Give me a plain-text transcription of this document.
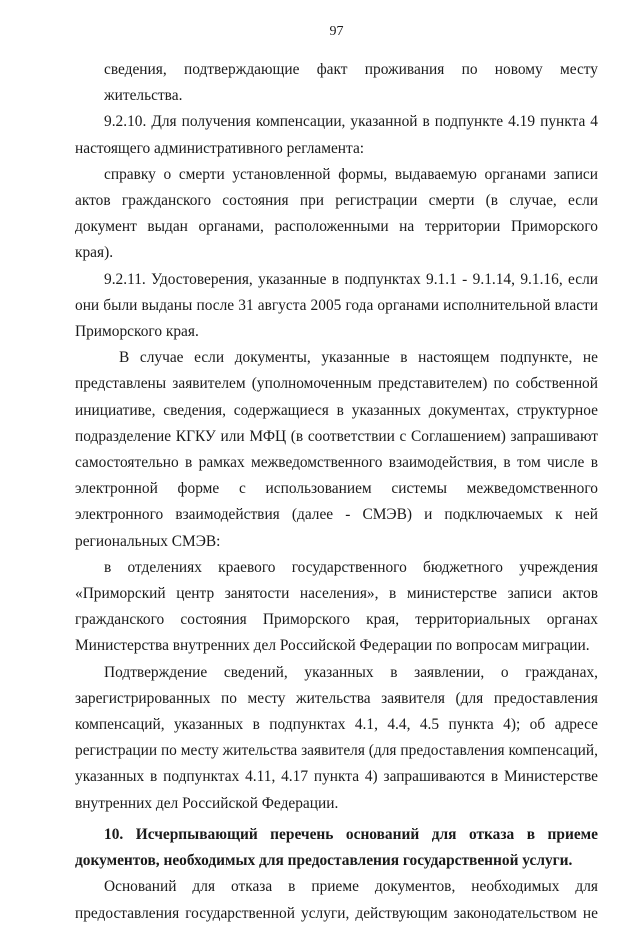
97

сведения, подтверждающие факт проживания по новому месту жительства.

9.2.10. Для получения компенсации, указанной в подпункте 4.19 пункта 4
настоящего административного регламента:

справку о смерти установленной формы, выдаваемую органами записи
актов гражданского состояния при регистрации смерти (в случае, если
документ выдан органами, расположенными на территории Приморского края).

9.2.11. Удостоверения, указанные в подпунктах 9.1.1 - 9.1.14, 9.1.16, если
они были выданы после 31 августа 2005 года органами исполнительной власти
Приморского края.

В случае если документы, указанные в настоящем подпункте, не
представлены заявителем (уполномоченным представителем) по собственной
инициативе, сведения, содержащиеся в указанных документах, структурное
подразделение КГКУ или МФЦ (в соответствии с Соглашением) запрашивают
самостоятельно в рамках межведомственного взаимодействия, в том числе в
электронной форме с использованием системы межведомственного
электронного взаимодействия (далее - СМЭВ) и подключаемых к ней
региональных СМЭВ:

в отделениях краевого государственного бюджетного учреждения
«Приморский центр занятости населения», в министерстве записи актов
гражданского состояния Приморского края, территориальных органах
Министерства внутренних дел Российской Федерации по вопросам миграции.

Подтверждение сведений, указанных в заявлении, о гражданах,
зарегистрированных по месту жительства заявителя (для предоставления
компенсаций, указанных в подпунктах 4.1, 4.4, 4.5 пункта 4); об адресе
регистрации по месту жительства заявителя (для предоставления компенсаций,
указанных в подпунктах 4.11, 4.17 пункта 4) запрашиваются в Министерстве
внутренних дел Российской Федерации.

10. Исчерпывающий перечень оснований для отказа в приеме
документов, необходимых для предоставления государственной услуги.

Оснований для отказа в приеме документов, необходимых для
предоставления государственной услуги, действующим законодательством не
